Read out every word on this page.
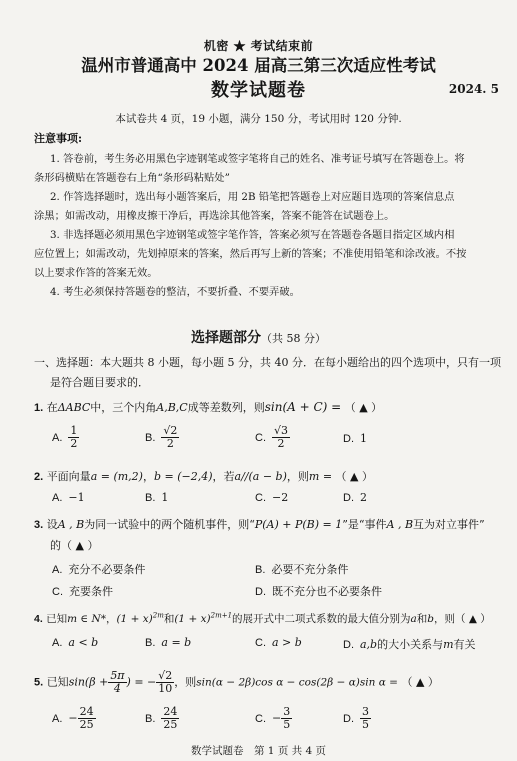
机密 ★ 考试结束前
温州市普通高中 2024 届高三第三次适应性考试
数学试题卷	2024. 5
本试卷共 4 页，19 小题，满分 150 分，考试用时 120 分钟.
注意事项:
1. 答卷前，考生务必用黑色字迹钢笔或签字笔将自己的姓名、准考证号填写在答题卷上。将
条形码横贴在答题卷右上角“条形码粘贴处”
2. 作答选择题时，选出每小题答案后，用 2B 铅笔把答题卷上对应题目选项的答案信息点
涂黑；如需改动，用橡皮擦干净后，再选涂其他答案，答案不能答在试题卷上。
3. 非选择题必须用黑色字迹钢笔或签字笔作答，答案必须写在答题卷各题目指定区域内相
应位置上；如需改动，先划掉原来的答案，然后再写上新的答案；不准使用铅笔和涂改液。不按
以上要求作答的答案无效。
4. 考生必须保持答题卷的整洁，不要折叠、不要弄破。
选择题部分（共 58 分）
一、选择题：本大题共 8 小题，每小题 5 分，共 40 分．在每小题给出的四个选项中，只有一项
是符合题目要求的．
1. 在ΔABC中，三个内角A,B,C成等差数列，则sin(A + C) = （ ▲ ）
A. $\frac{1}{2}$	B. $\frac{√2}{2}$	C. $\frac{√3}{2}$	D. 1
2. 平面向量a = (m,2)，b = (−2,4)，若a//(a − b)，则m = （ ▲ ）
A. −1	B. 1	C. −2	D. 2
3. 设A , B为同一试验中的两个随机事件，则“P(A) + P(B) = 1”是“事件A , B互为对立事件”
的（ ▲ ）
A. 充分不必要条件	B. 必要不充分条件
C. 充要条件	D. 既不充分也不必要条件
4. 已知m ∈ N*，$(1 + x)^{2m}$和$(1 + x)^{2m+1}$的展开式中二项式系数的最大值分别为a和b，则（ ▲ ）
A. a < b	B. a = b	C. a > b	D. a,b的大小关系与m有关
5. 已知$\sin(\beta + \frac{5\pi}{4}$ ) = − $\frac{√2}{10}$ ，则sin(α − 2β)cos α − cos(2β − α)sin α = （ ▲ ）
A. − $\frac{24}{25}$	B. $\frac{24}{25}$	C. − $\frac{3}{5}$	D. $\frac{3}{5}$
数学试题卷　第 1 页 共 4 页
